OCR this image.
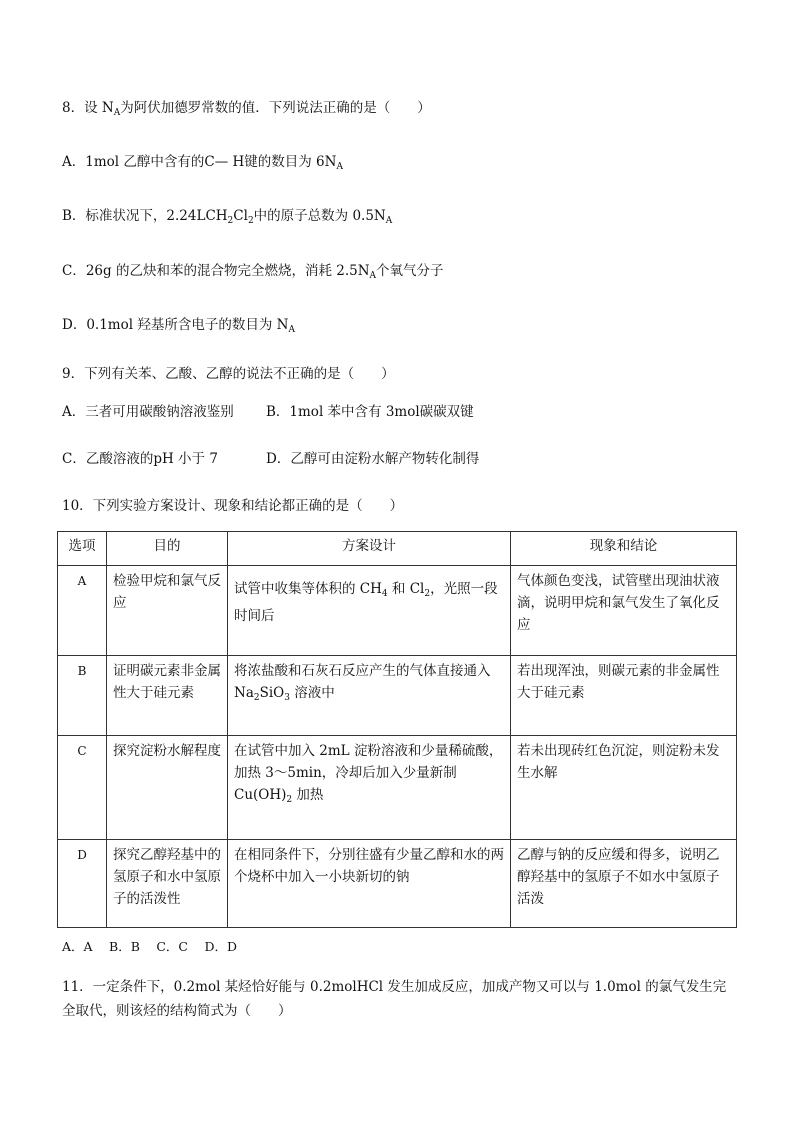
8．设 $N_A$为阿伏加德罗常数的值．下列说法正确的是（　　）
A．1mol 乙醇中含有的C— H键的数目为 $6N_A$
B．标准状况下，$2.24LCH_2Cl_2$中的原子总数为 $0.5N_A$
C．26g 的乙炔和苯的混合物完全燃烧，消耗 $2.5N_A$个氧气分子
D．0.1mol 羟基所含电子的数目为 $N_A$
9．下列有关苯、乙酸、乙醇的说法不正确的是（　　）
A．三者可用碳酸钠溶液鉴别 B．1mol 苯中含有 3mol碳碳双键
C．乙酸溶液的pH 小于 7	D．乙醇可由淀粉水解产物转化制得
10．下列实验方案设计、现象和结论都正确的是（　　）
选项	目的	方案设计	现象和结论
A	检验甲烷和氯气反应	试管中收集等体积的 $CH_4$ 和 $Cl_2$，光照一段时间后	气体颜色变浅，试管壁出现油状液滴，说明甲烷和氯气发生了氧化反应
B	证明碳元素非金属性大于硅元素	将浓盐酸和石灰石反应产生的气体直接通入 $Na_2SiO_3$ 溶液中	若出现浑浊，则碳元素的非金属性大于硅元素
C	探究淀粉水解程度	在试管中加入 2mL 淀粉溶液和少量稀硫酸，加热 3～5min，冷却后加入少量新制 $Cu(OH)_2$ 加热	若未出现砖红色沉淀，则淀粉未发生水解
D	探究乙醇羟基中的氢原子和水中氢原子的活泼性	在相同条件下，分别往盛有少量乙醇和水的两个烧杯中加入一小块新切的钠	乙醇与钠的反应缓和得多，说明乙醇羟基中的氢原子不如水中氢原子活泼
A．A　 B．B　 C．C　 D．D
11．一定条件下，0.2mol 某烃恰好能与 0.2molHCl 发生加成反应，加成产物又可以与 1.0mol 的氯气发生完
全取代，则该烃的结构简式为（　　）
